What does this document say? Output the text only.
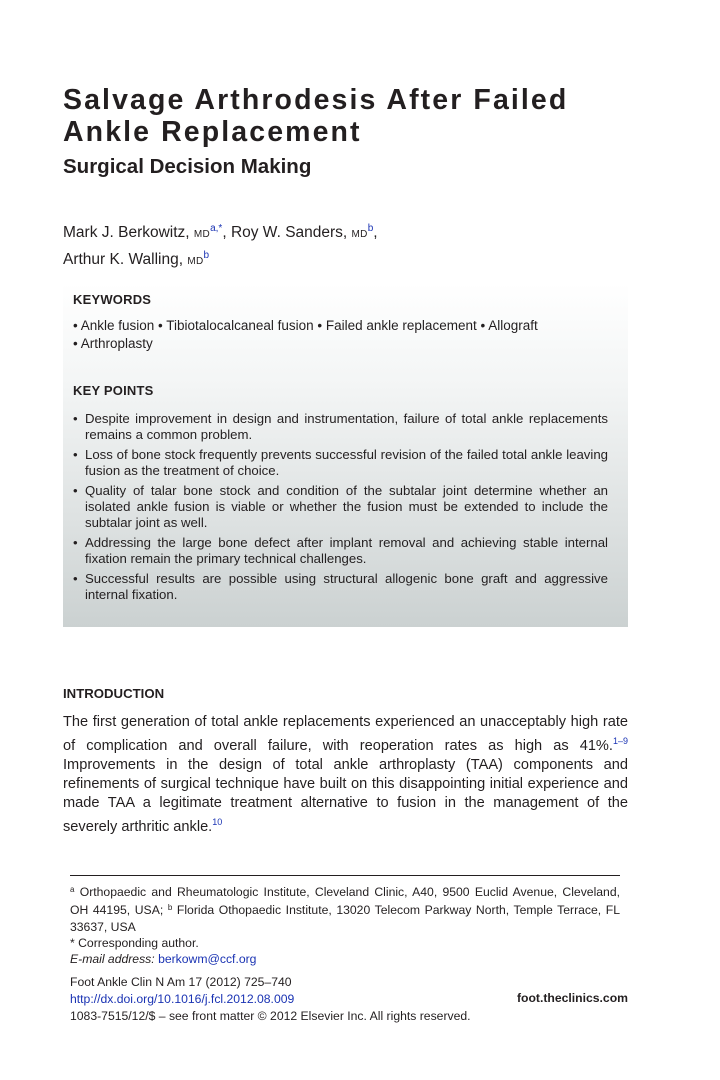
Salvage Arthrodesis After Failed
Ankle Replacement
Surgical Decision Making
Mark J. Berkowitz, $MD^{a,*}$, Roy W. Sanders, $MD^b$,
Arthur K. Walling, $MD^b$
KEYWORDS
• Ankle fusion • Tibiotalocalcaneal fusion • Failed ankle replacement • Allograft
• Arthroplasty
KEY POINTS
• Despite improvement in design and instrumentation, failure of total ankle replacements remains a common problem.
• Loss of bone stock frequently prevents successful revision of the failed total ankle leaving fusion as the treatment of choice.
• Quality of talar bone stock and condition of the subtalar joint determine whether an isolated ankle fusion is viable or whether the fusion must be extended to include the subtalar joint as well.
• Addressing the large bone defect after implant removal and achieving stable internal fixation remain the primary technical challenges.
• Successful results are possible using structural allogenic bone graft and aggressive internal fixation.
INTRODUCTION

The first generation of total ankle replacements experienced an unacceptably high rate of complication and overall failure, with reoperation rates as high as 41%.$^{1-9}$ Improvements in the design of total ankle arthroplasty (TAA) components and refinements of surgical technique have built on this disappointing initial experience and made TAA a legitimate treatment alternative to fusion in the management of the severely arthritic ankle.$^{10}$

$^a$ Orthopaedic and Rheumatologic Institute, Cleveland Clinic, A40, 9500 Euclid Avenue, Cleveland, OH 44195, USA; $^b$ Florida Othopaedic Institute, 13020 Telecom Parkway North, Temple Terrace, FL 33637, USA

* Corresponding author.

E-mail address: berkowm@ccf.org

Foot Ankle Clin N Am 17 (2012) 725–740
http://dx.doi.org/10.1016/j.fcl.2012.08.009
1083-7515/12/$ – see front matter © 2012 Elsevier Inc. All rights reserved.
foot.theclinics.com
